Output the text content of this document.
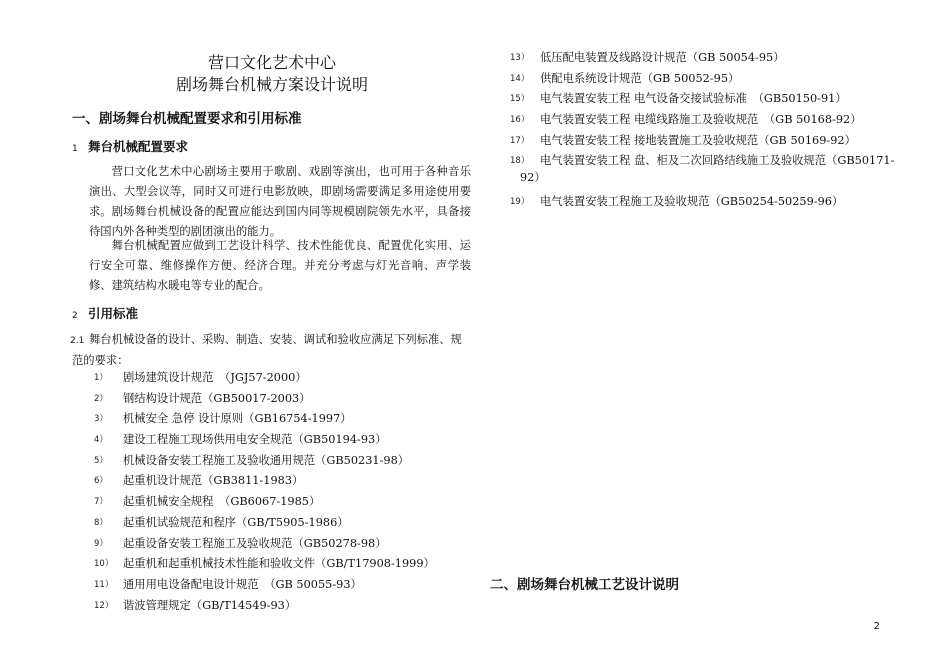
营口文化艺术中心
剧场舞台机械方案设计说明
一、剧场舞台机械配置要求和引用标准
1 舞台机械配置要求
营口文化艺术中心剧场主要用于歌剧、戏剧等演出，也可用于各种音乐演出、大型会议等，同时又可进行电影放映，即剧场需要满足多用途使用要求。 剧场舞台机械设备的配置应能达到国内同等规模剧院领先水平，具备接待国内外各种类型的剧团演出的能力。
舞台机械配置应做到工艺设计科学、技术性能优良、配置优化实用、运行安全可靠、维修操作方便、经济合理。并充分考虑与灯光音响、声学装修、建筑结构水暖电等专业的配合。
2 引用标准
2.1 舞台机械设备的设计、采购、制造、安装、调试和验收应满足下列标准、规范的要求：
1） 剧场建筑设计规范　（JGJ57-2000）
2） 钢结构设计规范（GB50017-2003）
3） 机械安全 急停 设计原则（GB16754-1997）
4） 建设工程施工现场供用电安全规范（GB50194-93）
5） 机械设备安装工程施工及验收通用规范（GB50231-98）
6） 起重机设计规范（GB3811-1983）
7） 起重机械安全规程　（GB6067-1985）
8） 起重机试验规范和程序（GB/T5905-1986）
9） 起重设备安装工程施工及验收规范（GB50278-98）
10） 起重机和起重机械技术性能和验收文件（GB/T17908-1999）
11） 通用用电设备配电设计规范　（GB 50055-93）
12） 谐波管理规定（GB/T14549-93）
13） 低压配电装置及线路设计规范（GB 50054-95）
14） 供配电系统设计规范（GB 50052-95）
15） 电气装置安装工程 电气设备交接试验标准　（GB50150-91）
16） 电气装置安装工程 电缆线路施工及验收规范　（GB 50168-92）
17） 电气装置安装工程 接地装置施工及验收规范（GB 50169-92）
18） 电气装置安装工程 盘、柜及二次回路结线施工及验收规范（GB50171-
92）
19） 电气装置安装工程施工及验收规范（GB50254-50259-96）
二、剧场舞台机械工艺设计说明
2
